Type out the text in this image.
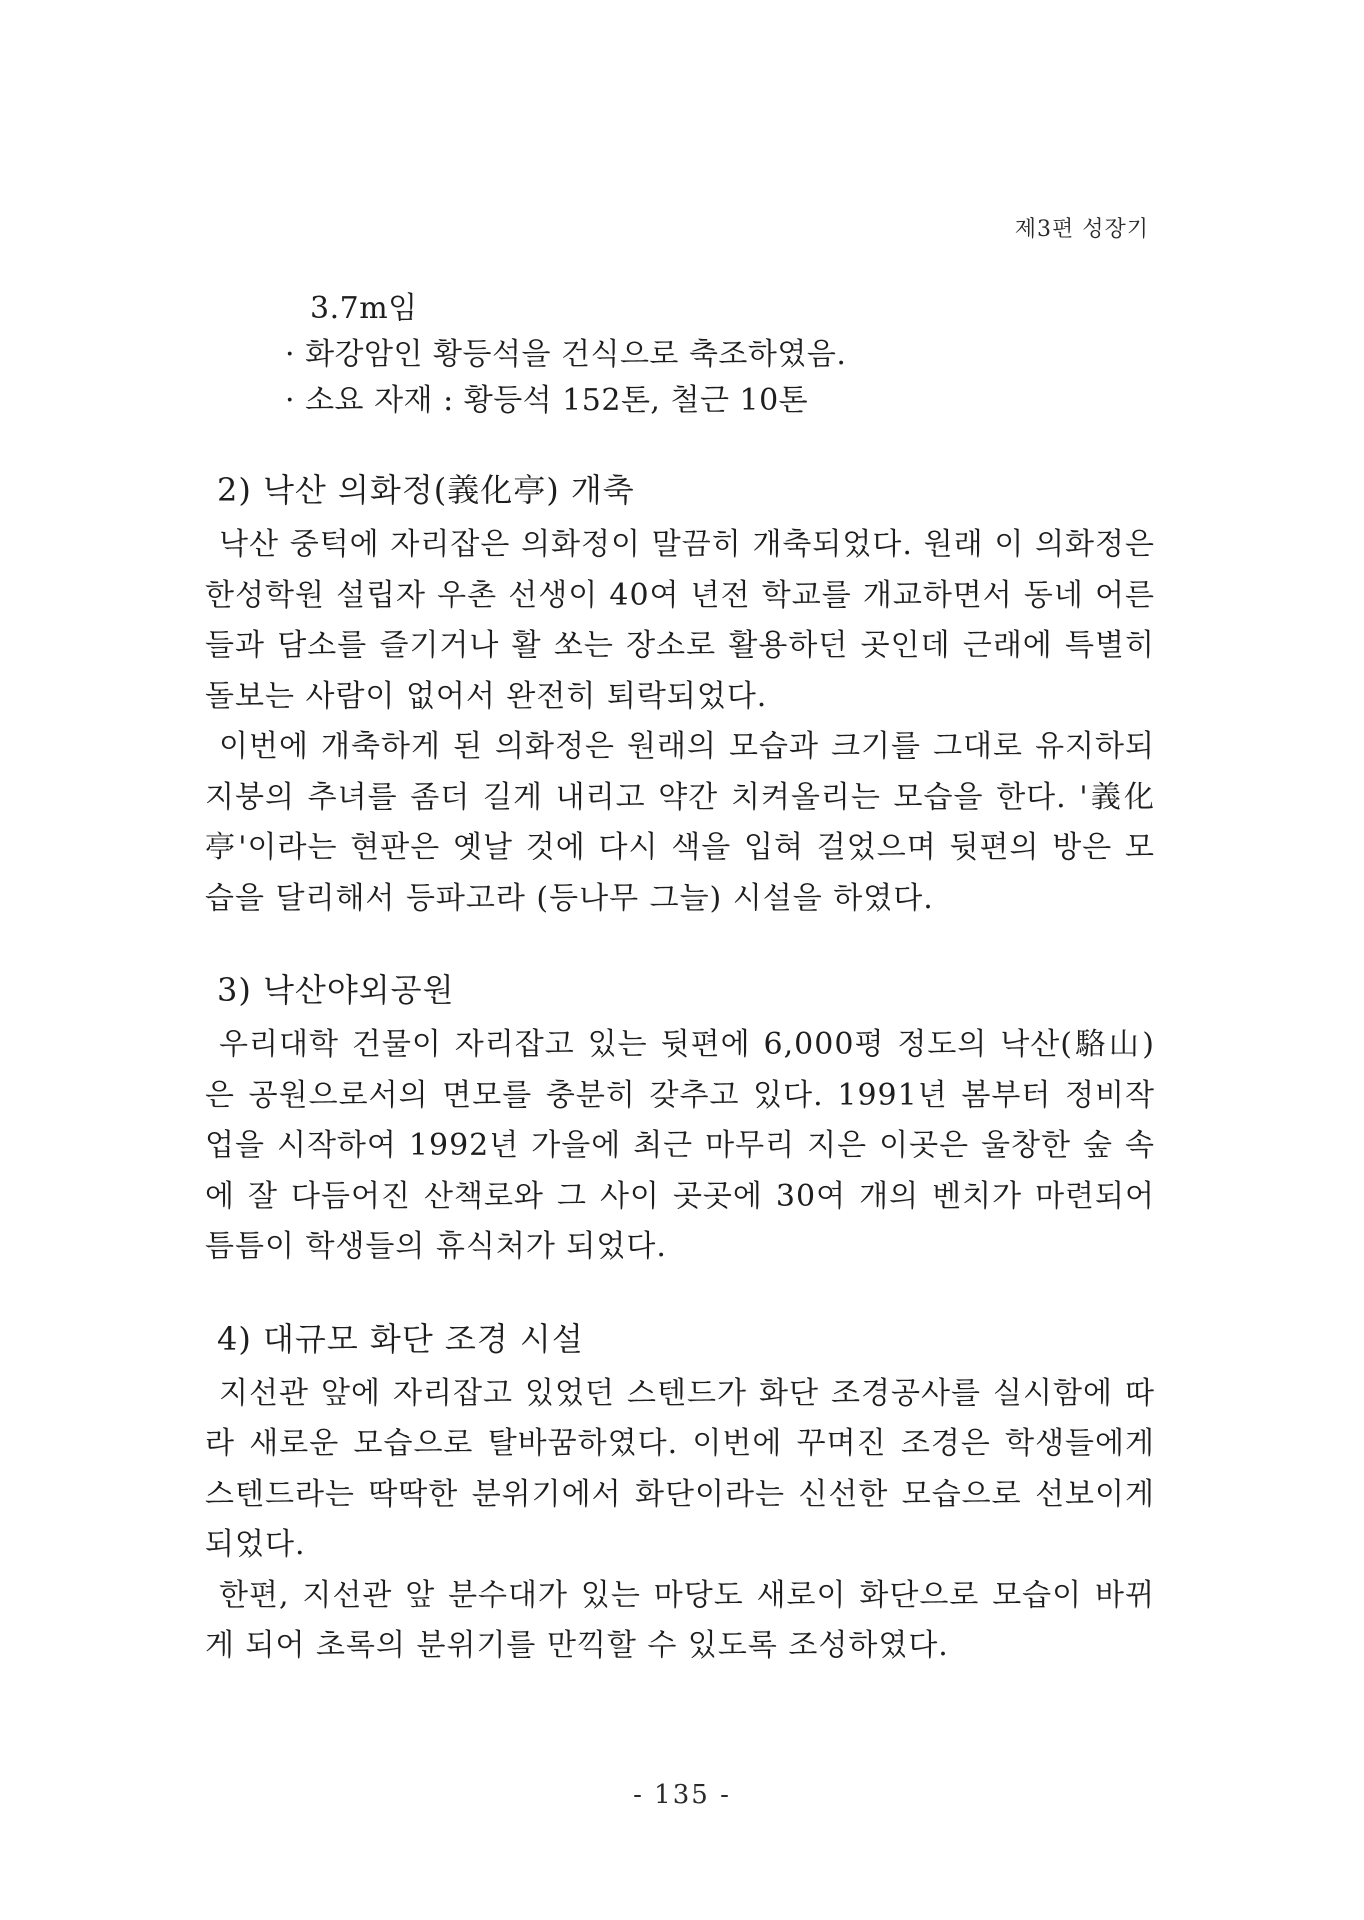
제3편 성장기
3.7m임
· 화강암인 황등석을 건식으로 축조하였음.
· 소요 자재 : 황등석 152톤, 철근 10톤
2) 낙산 의화정(義化亭) 개축

낙산 중턱에 자리잡은 의화정이 말끔히 개축되었다. 원래 이 의화정은 한성학원 설립자 우촌 선생이 40여 년전 학교를 개교하면서 동네 어른들과 담소를 즐기거나 활 쏘는 장소로 활용하던 곳인데 근래에 특별히 돌보는 사람이 없어서 완전히 퇴락되었다.

이번에 개축하게 된 의화정은 원래의 모습과 크기를 그대로 유지하되 지붕의 추녀를 좀더 길게 내리고 약간 치켜올리는 모습을 한다. '義化亭'이라는 현판은 옛날 것에 다시 색을 입혀 걸었으며 뒷편의 방은 모습을 달리해서 등파고라 (등나무 그늘) 시설을 하였다.

3) 낙산야외공원

우리대학 건물이 자리잡고 있는 뒷편에 6,000평 정도의 낙산(駱山)은 공원으로서의 면모를 충분히 갖추고 있다. 1991년 봄부터 정비작업을 시작하여 1992년 가을에 최근 마무리 지은 이곳은 울창한 숲 속에 잘 다듬어진 산책로와 그 사이 곳곳에 30여 개의 벤치가 마련되어 틈틈이 학생들의 휴식처가 되었다.

4) 대규모 화단 조경 시설

지선관 앞에 자리잡고 있었던 스텐드가 화단 조경공사를 실시함에 따라 새로운 모습으로 탈바꿈하였다. 이번에 꾸며진 조경은 학생들에게 스텐드라는 딱딱한 분위기에서 화단이라는 신선한 모습으로 선보이게 되었다.

한편, 지선관 앞 분수대가 있는 마당도 새로이 화단으로 모습이 바뀌게 되어 초록의 분위기를 만끽할 수 있도록 조성하였다.

- 135 -
